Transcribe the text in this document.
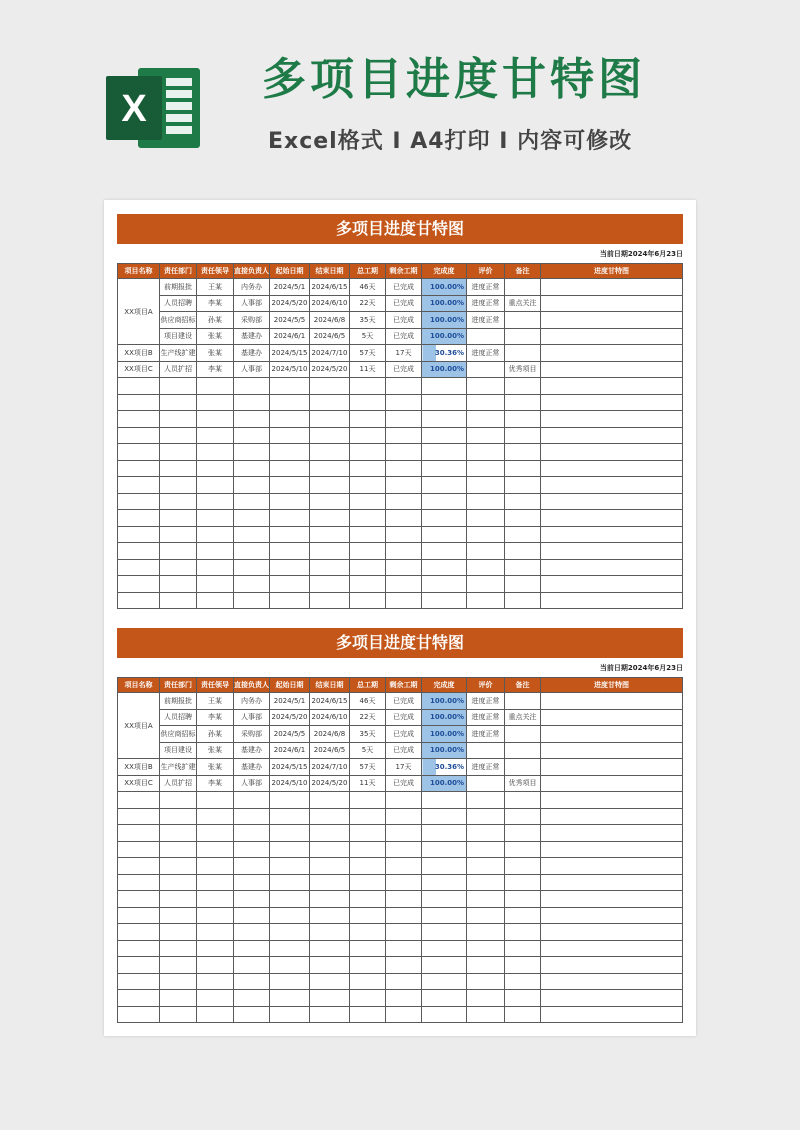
X
多项目进度甘特图
Excel格式 I A4打印 I 内容可修改
多项目进度甘特图
当前日期2024年6月23日
项目名称	责任部门	责任领导	直接负责人	起始日期	结束日期	总工期	剩余工期	完成度	评价	备注	进度甘特图
XX项目A	前期报批	王某	内务办	2024/5/1	2024/6/15	46天	已完成	100.00%	进度正常		
	人员招聘	李某	人事部	2024/5/20	2024/6/10	22天	已完成	100.00%	进度正常	重点关注	
	供应商招标	孙某	采购部	2024/5/5	2024/6/8	35天	已完成	100.00%	进度正常		
	项目建设	张某	基建办	2024/6/1	2024/6/5	5天	已完成	100.00%			
XX项目B	生产线扩建	张某	基建办	2024/5/15	2024/7/10	57天	17天	30.36%	进度正常		
XX项目C	人员扩招	李某	人事部	2024/5/10	2024/5/20	11天	已完成	100.00%		优秀项目	

多项目进度甘特图
当前日期2024年6月23日
项目名称	责任部门	责任领导	直接负责人	起始日期	结束日期	总工期	剩余工期	完成度	评价	备注	进度甘特图
XX项目A	前期报批	王某	内务办	2024/5/1	2024/6/15	46天	已完成	100.00%	进度正常		
	人员招聘	李某	人事部	2024/5/20	2024/6/10	22天	已完成	100.00%	进度正常	重点关注	
	供应商招标	孙某	采购部	2024/5/5	2024/6/8	35天	已完成	100.00%	进度正常		
	项目建设	张某	基建办	2024/6/1	2024/6/5	5天	已完成	100.00%			
XX项目B	生产线扩建	张某	基建办	2024/5/15	2024/7/10	57天	17天	30.36%	进度正常		
XX项目C	人员扩招	李某	人事部	2024/5/10	2024/5/20	11天	已完成	100.00%		优秀项目	
